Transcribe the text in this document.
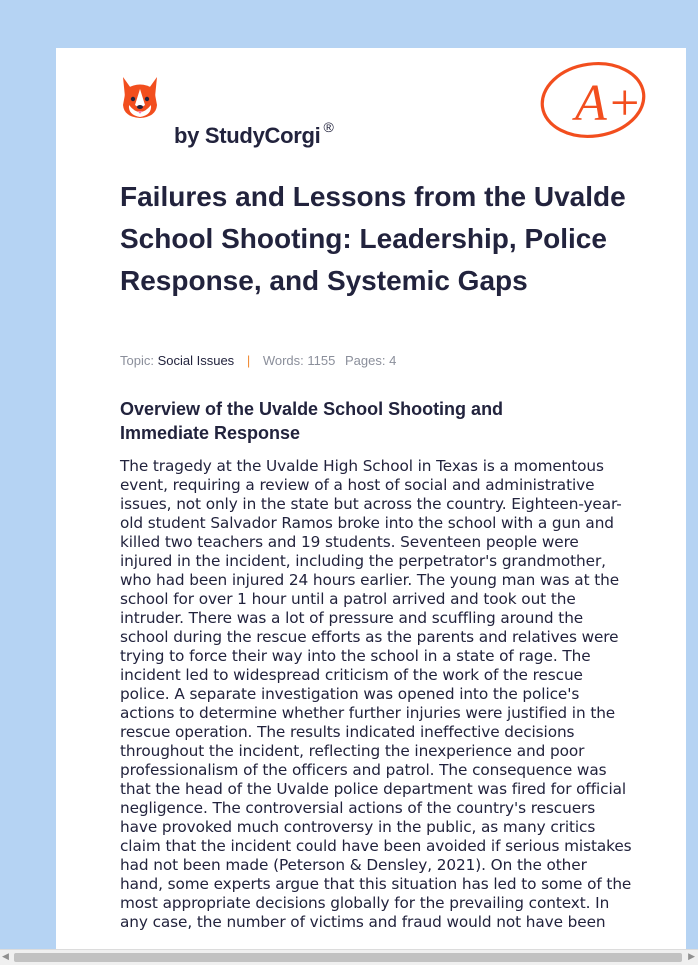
by StudyCorgi ®	A+
Failures and Lessons from the Uvalde School Shooting: Leadership, Police Response, and Systemic Gaps
Topic: Social Issues | Words: 1155 Pages: 4
Overview of the Uvalde School Shooting and Immediate Response

The tragedy at the Uvalde High School in Texas is a momentous event, requiring a review of a host of social and administrative issues, not only in the state but across the country. Eighteen-year-old student Salvador Ramos broke into the school with a gun and killed two teachers and 19 students. Seventeen people were injured in the incident, including the perpetrator's grandmother, who had been injured 24 hours earlier. The young man was at the school for over 1 hour until a patrol arrived and took out the intruder. There was a lot of pressure and scuffling around the school during the rescue efforts as the parents and relatives were trying to force their way into the school in a state of rage. The incident led to widespread criticism of the work of the rescue police. A separate investigation was opened into the police's actions to determine whether further injuries were justified in the rescue operation. The results indicated ineffective decisions throughout the incident, reflecting the inexperience and poor professionalism of the officers and patrol. The consequence was that the head of the Uvalde police department was fired for official negligence. The controversial actions of the country's rescuers have provoked much controversy in the public, as many critics claim that the incident could have been avoided if serious mistakes had not been made (Peterson & Densley, 2021). On the other hand, some experts argue that this situation has led to some of the most appropriate decisions globally for the prevailing context. In any case, the number of victims and fraud would not have been

◀	▶
